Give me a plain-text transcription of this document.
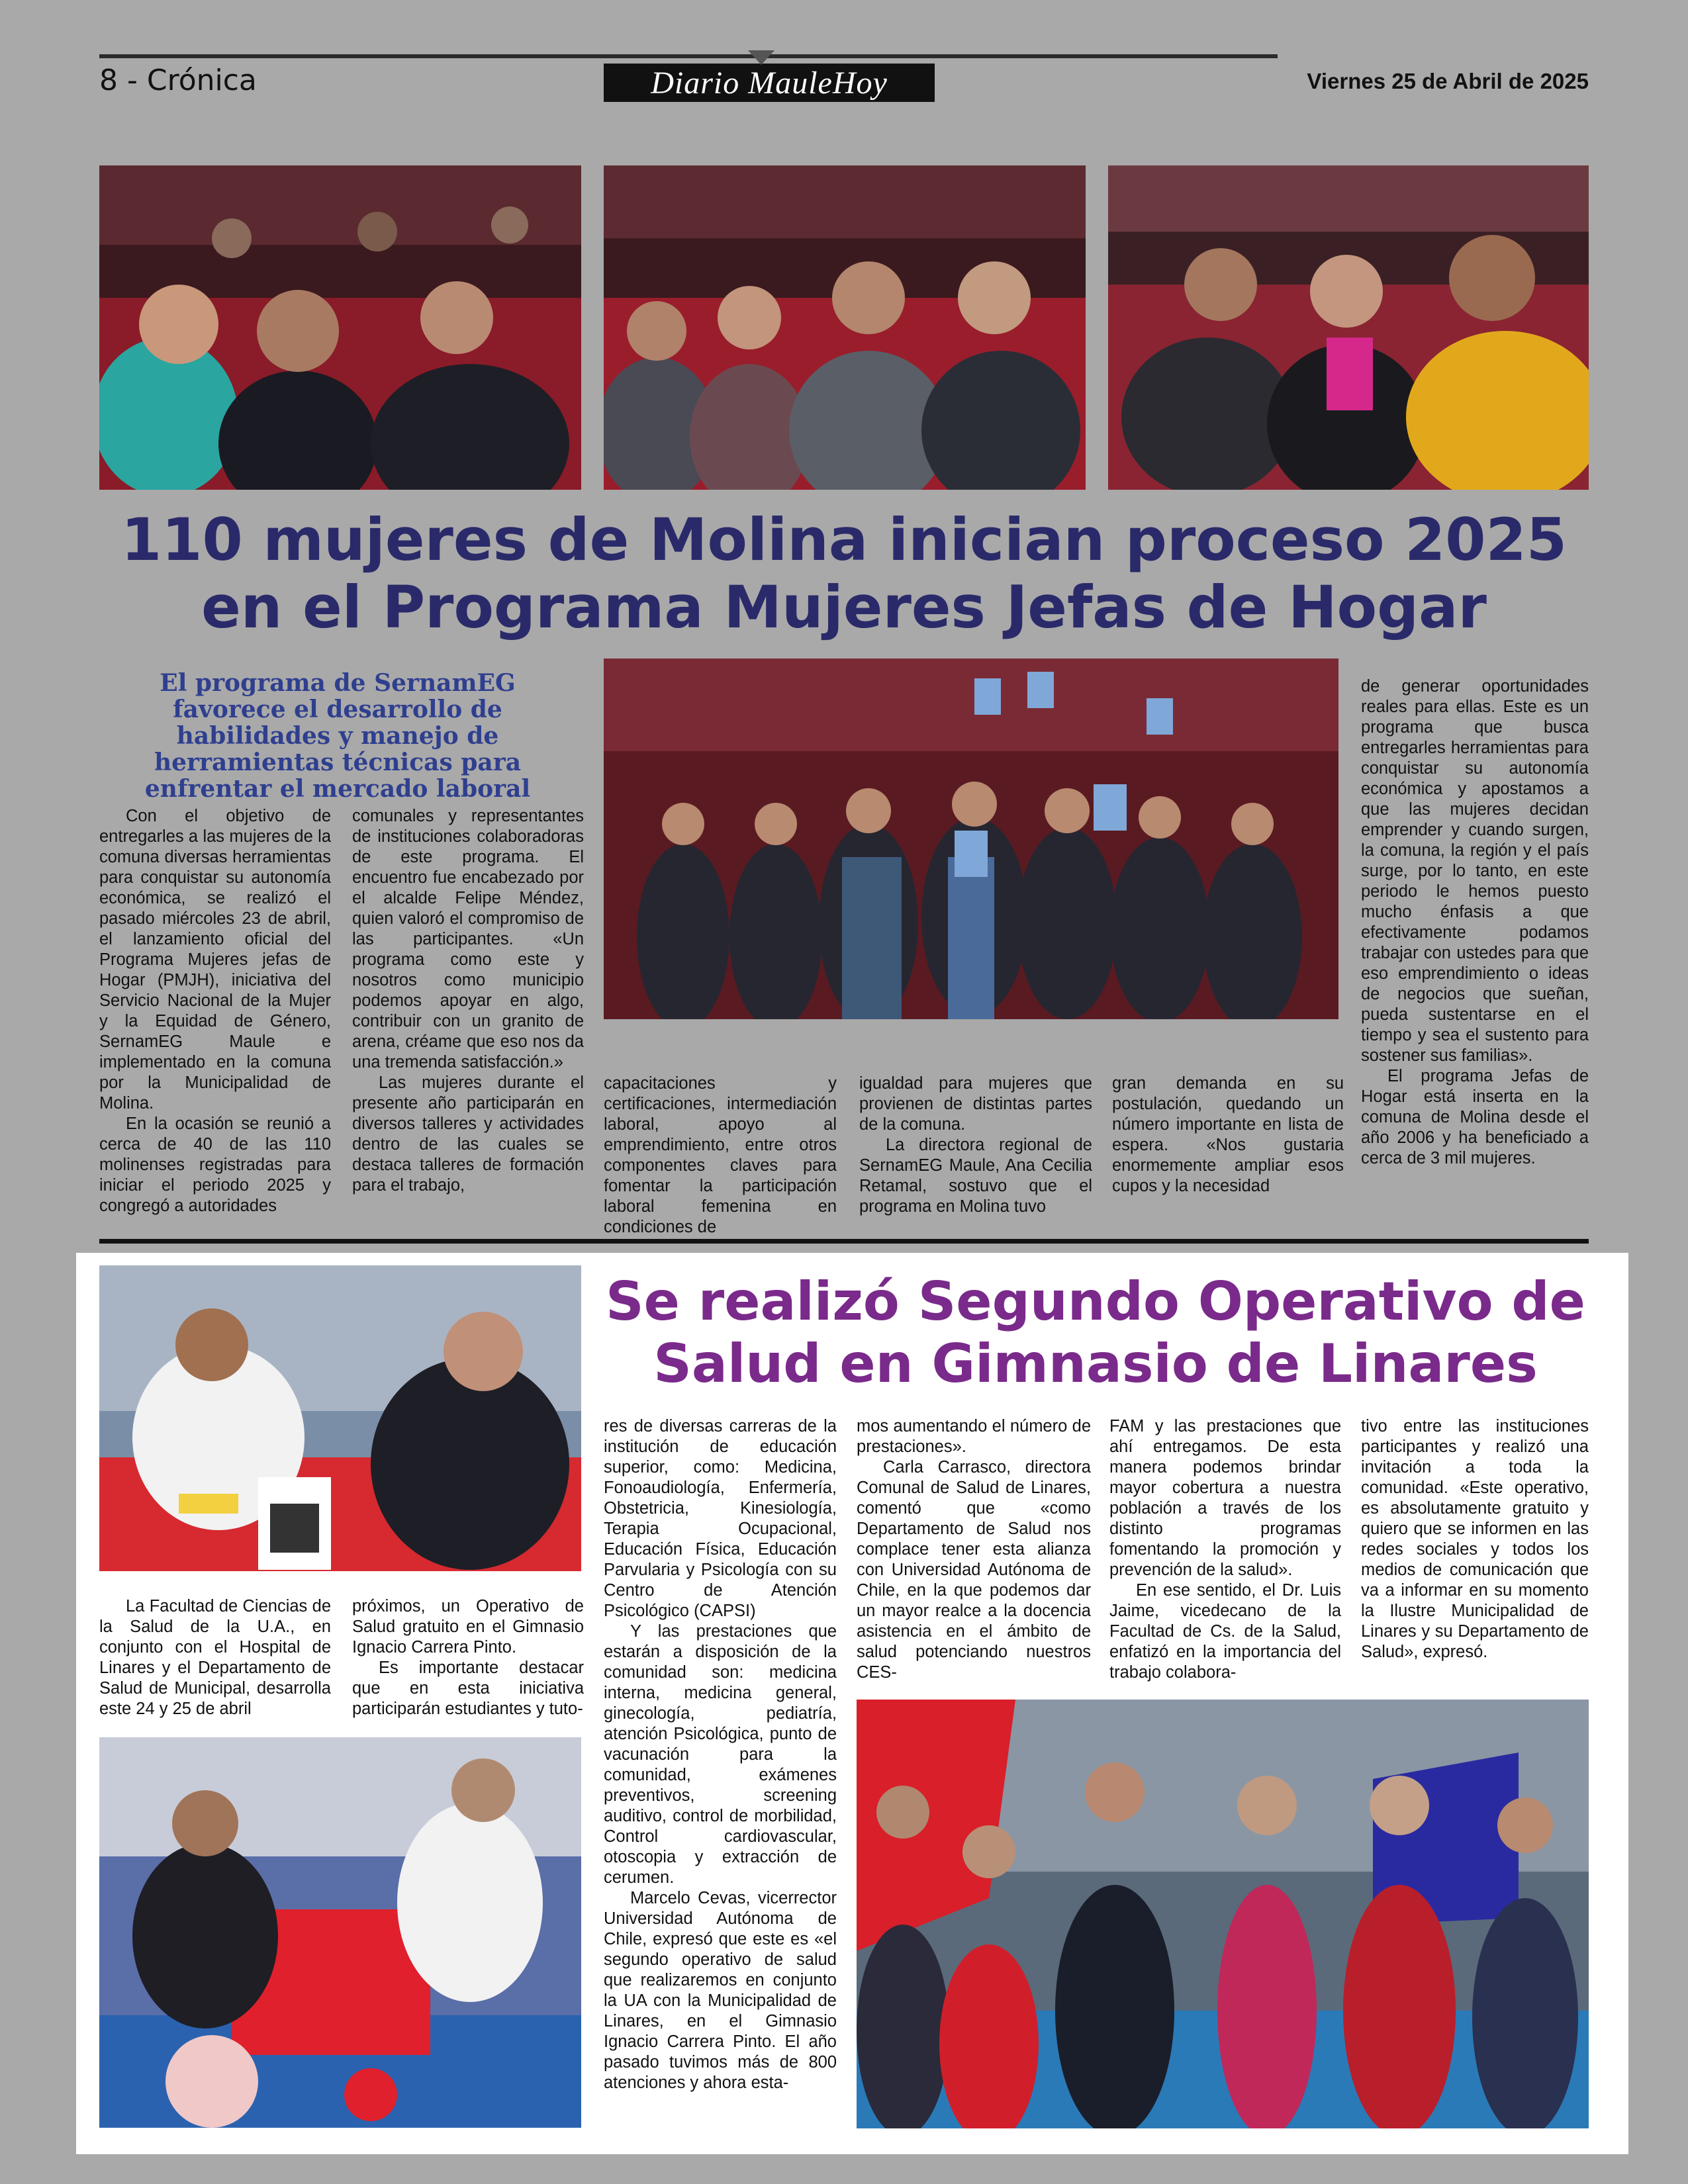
8 - Crónica	Diario MauleHoy	Viernes 25 de Abril de 2025
110 mujeres de Molina inician proceso 2025
en el Programa Mujeres Jefas de Hogar
El programa de SernamEG favorece el desarrollo de habilidades y manejo de herramientas técnicas para enfrentar el mercado laboral

Con el objetivo de entregarles a las mujeres de la comuna diversas herramientas para conquistar su autonomía económica, se realizó el pasado miércoles 23 de abril, el lanzamiento oficial del Programa Mujeres jefas de Hogar (PMJH), iniciativa del Servicio Nacional de la Mujer y la Equidad de Género, SernamEG Maule e implementado en la comuna por la Municipalidad de Molina.

En la ocasión se reunió a cerca de 40 de las 110 molinenses registradas para iniciar el periodo 2025 y congregó a autoridades

comunales y representantes de instituciones colaboradoras de este programa. El encuentro fue encabezado por el alcalde Felipe Méndez, quien valoró el compromiso de las participantes. «Un programa como este y nosotros como municipio podemos apoyar en algo, contribuir con un granito de arena, créame que eso nos da una tremenda satisfacción.»

Las mujeres durante el presente año participarán en diversos talleres y actividades dentro de las cuales se destaca talleres de formación para el trabajo,

capacitaciones y certificaciones, intermediación laboral, apoyo al emprendimiento, entre otros componentes claves para fomentar la participación laboral femenina en condiciones de

igualdad para mujeres que provienen de distintas partes de la comuna.

La directora regional de SernamEG Maule, Ana Cecilia Retamal, sostuvo que el programa en Molina tuvo

gran demanda en su postulación, quedando un número importante en lista de espera. «Nos gustaria enormemente ampliar esos cupos y la necesidad

de generar oportunidades reales para ellas. Este es un programa que busca entregarles herramientas para conquistar su autonomía económica y apostamos a que las mujeres decidan emprender y cuando surgen, la comuna, la región y el país surge, por lo tanto, en este periodo le hemos puesto mucho énfasis a que efectivamente podamos trabajar con ustedes para que eso emprendimiento o ideas de negocios que sueñan, pueda sustentarse en el tiempo y sea el sustento para sostener sus familias».

El programa Jefas de Hogar está inserta en la comuna de Molina desde el año 2006 y ha beneficiado a cerca de 3 mil mujeres.

Se realizó Segundo Operativo de
Salud en Gimnasio de Linares

La Facultad de Ciencias de la Salud de la U.A., en conjunto con el Hospital de Linares y el Departamento de Salud de Municipal, desarrolla este 24 y 25 de abril

próximos, un Operativo de Salud gratuito en el Gimnasio Ignacio Carrera Pinto.

Es importante destacar que en esta iniciativa participarán estudiantes y tuto-

res de diversas carreras de la institución de educación superior, como: Medicina, Fonoaudiología, Enfermería, Obstetricia, Kinesiología, Terapia Ocupacional, Educación Física, Educación Parvularia y Psicología con su Centro de Atención Psicológico (CAPSI)

Y las prestaciones que estarán a disposición de la comunidad son: medicina interna, medicina general, ginecología, pediatría, atención Psicológica, punto de vacunación para la comunidad, exámenes preventivos, screening auditivo, control de morbilidad, Control cardiovascular, otoscopia y extracción de cerumen.

Marcelo Cevas, vicerrector Universidad Autónoma de Chile, expresó que este es «el segundo operativo de salud que realizaremos en conjunto la UA con la Municipalidad de Linares, en el Gimnasio Ignacio Carrera Pinto. El año pasado tuvimos más de 800 atenciones y ahora esta-

mos aumentando el número de prestaciones».

Carla Carrasco, directora Comunal de Salud de Linares, comentó que «como Departamento de Salud nos complace tener esta alianza con Universidad Autónoma de Chile, en la que podemos dar un mayor realce a la docencia asistencia en el ámbito de salud potenciando nuestros CES-

FAM y las prestaciones que ahí entregamos. De esta manera podemos brindar mayor cobertura a nuestra población a través de los distinto programas fomentando la promoción y prevención de la salud».

En ese sentido, el Dr. Luis Jaime, vicedecano de la Facultad de Cs. de la Salud, enfatizó en la importancia del trabajo colabora-

tivo entre las instituciones participantes y realizó una invitación a toda la comunidad. «Este operativo, es absolutamente gratuito y quiero que se informen en las redes sociales y todos los medios de comunicación que va a informar en su momento la Ilustre Municipalidad de Linares y su Departamento de Salud», expresó.
